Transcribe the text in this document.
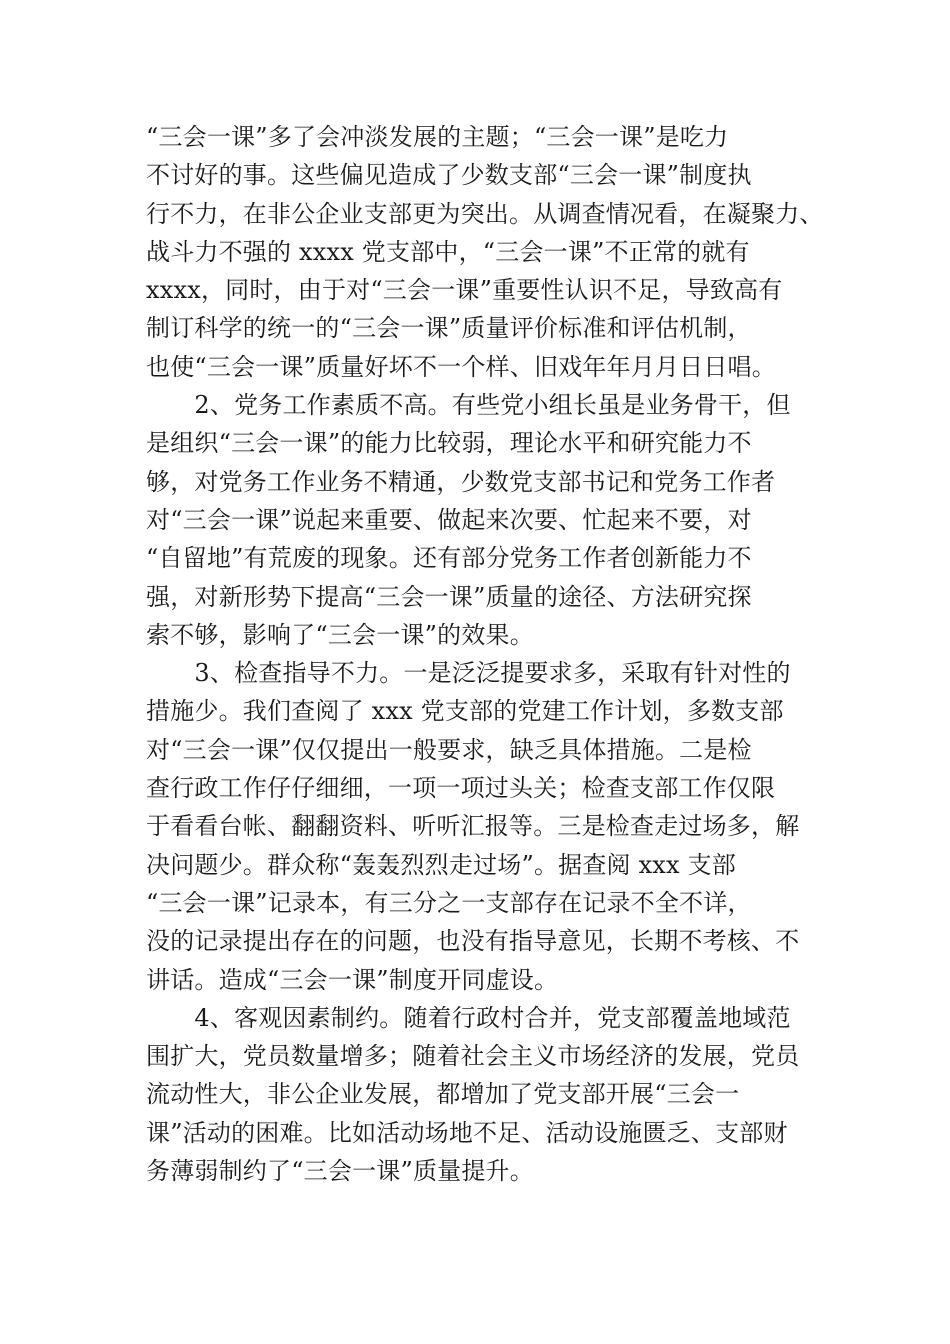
“三会一课”多了会冲淡发展的主题；“三会一课”是吃力
不讨好的事。这些偏见造成了少数支部“三会一课”制度执
行不力，在非公企业支部更为突出。从调查情况看，在凝聚力、
战斗力不强的 xxxx 党支部中，“三会一课”不正常的就有
xxxx，同时，由于对“三会一课”重要性认识不足，导致高有
制订科学的统一的“三会一课”质量评价标准和评估机制，
也使“三会一课”质量好坏不一个样、旧戏年年月月日日唱。
　　2、党务工作素质不高。有些党小组长虽是业务骨干，但
是组织“三会一课”的能力比较弱，理论水平和研究能力不
够，对党务工作业务不精通，少数党支部书记和党务工作者
对“三会一课”说起来重要、做起来次要、忙起来不要，对
“自留地”有荒废的现象。还有部分党务工作者创新能力不
强，对新形势下提高“三会一课”质量的途径、方法研究探
索不够，影响了“三会一课”的效果。
　　3、检查指导不力。一是泛泛提要求多，采取有针对性的
措施少。我们查阅了 xxx 党支部的党建工作计划，多数支部
对“三会一课”仅仅提出一般要求，缺乏具体措施。二是检
查行政工作仔仔细细，一项一项过头关；检查支部工作仅限
于看看台帐、翻翻资料、听听汇报等。三是检查走过场多，解
决问题少。群众称“轰轰烈烈走过场”。据查阅 xxx 支部
“三会一课”记录本，有三分之一支部存在记录不全不详，
没的记录提出存在的问题，也没有指导意见，长期不考核、不
讲话。造成“三会一课”制度开同虚设。
　　4、客观因素制约。随着行政村合并，党支部覆盖地域范
围扩大，党员数量增多；随着社会主义市场经济的发展，党员
流动性大，非公企业发展，都增加了党支部开展“三会一
课”活动的困难。比如活动场地不足、活动设施匮乏、支部财
务薄弱制约了“三会一课”质量提升。
